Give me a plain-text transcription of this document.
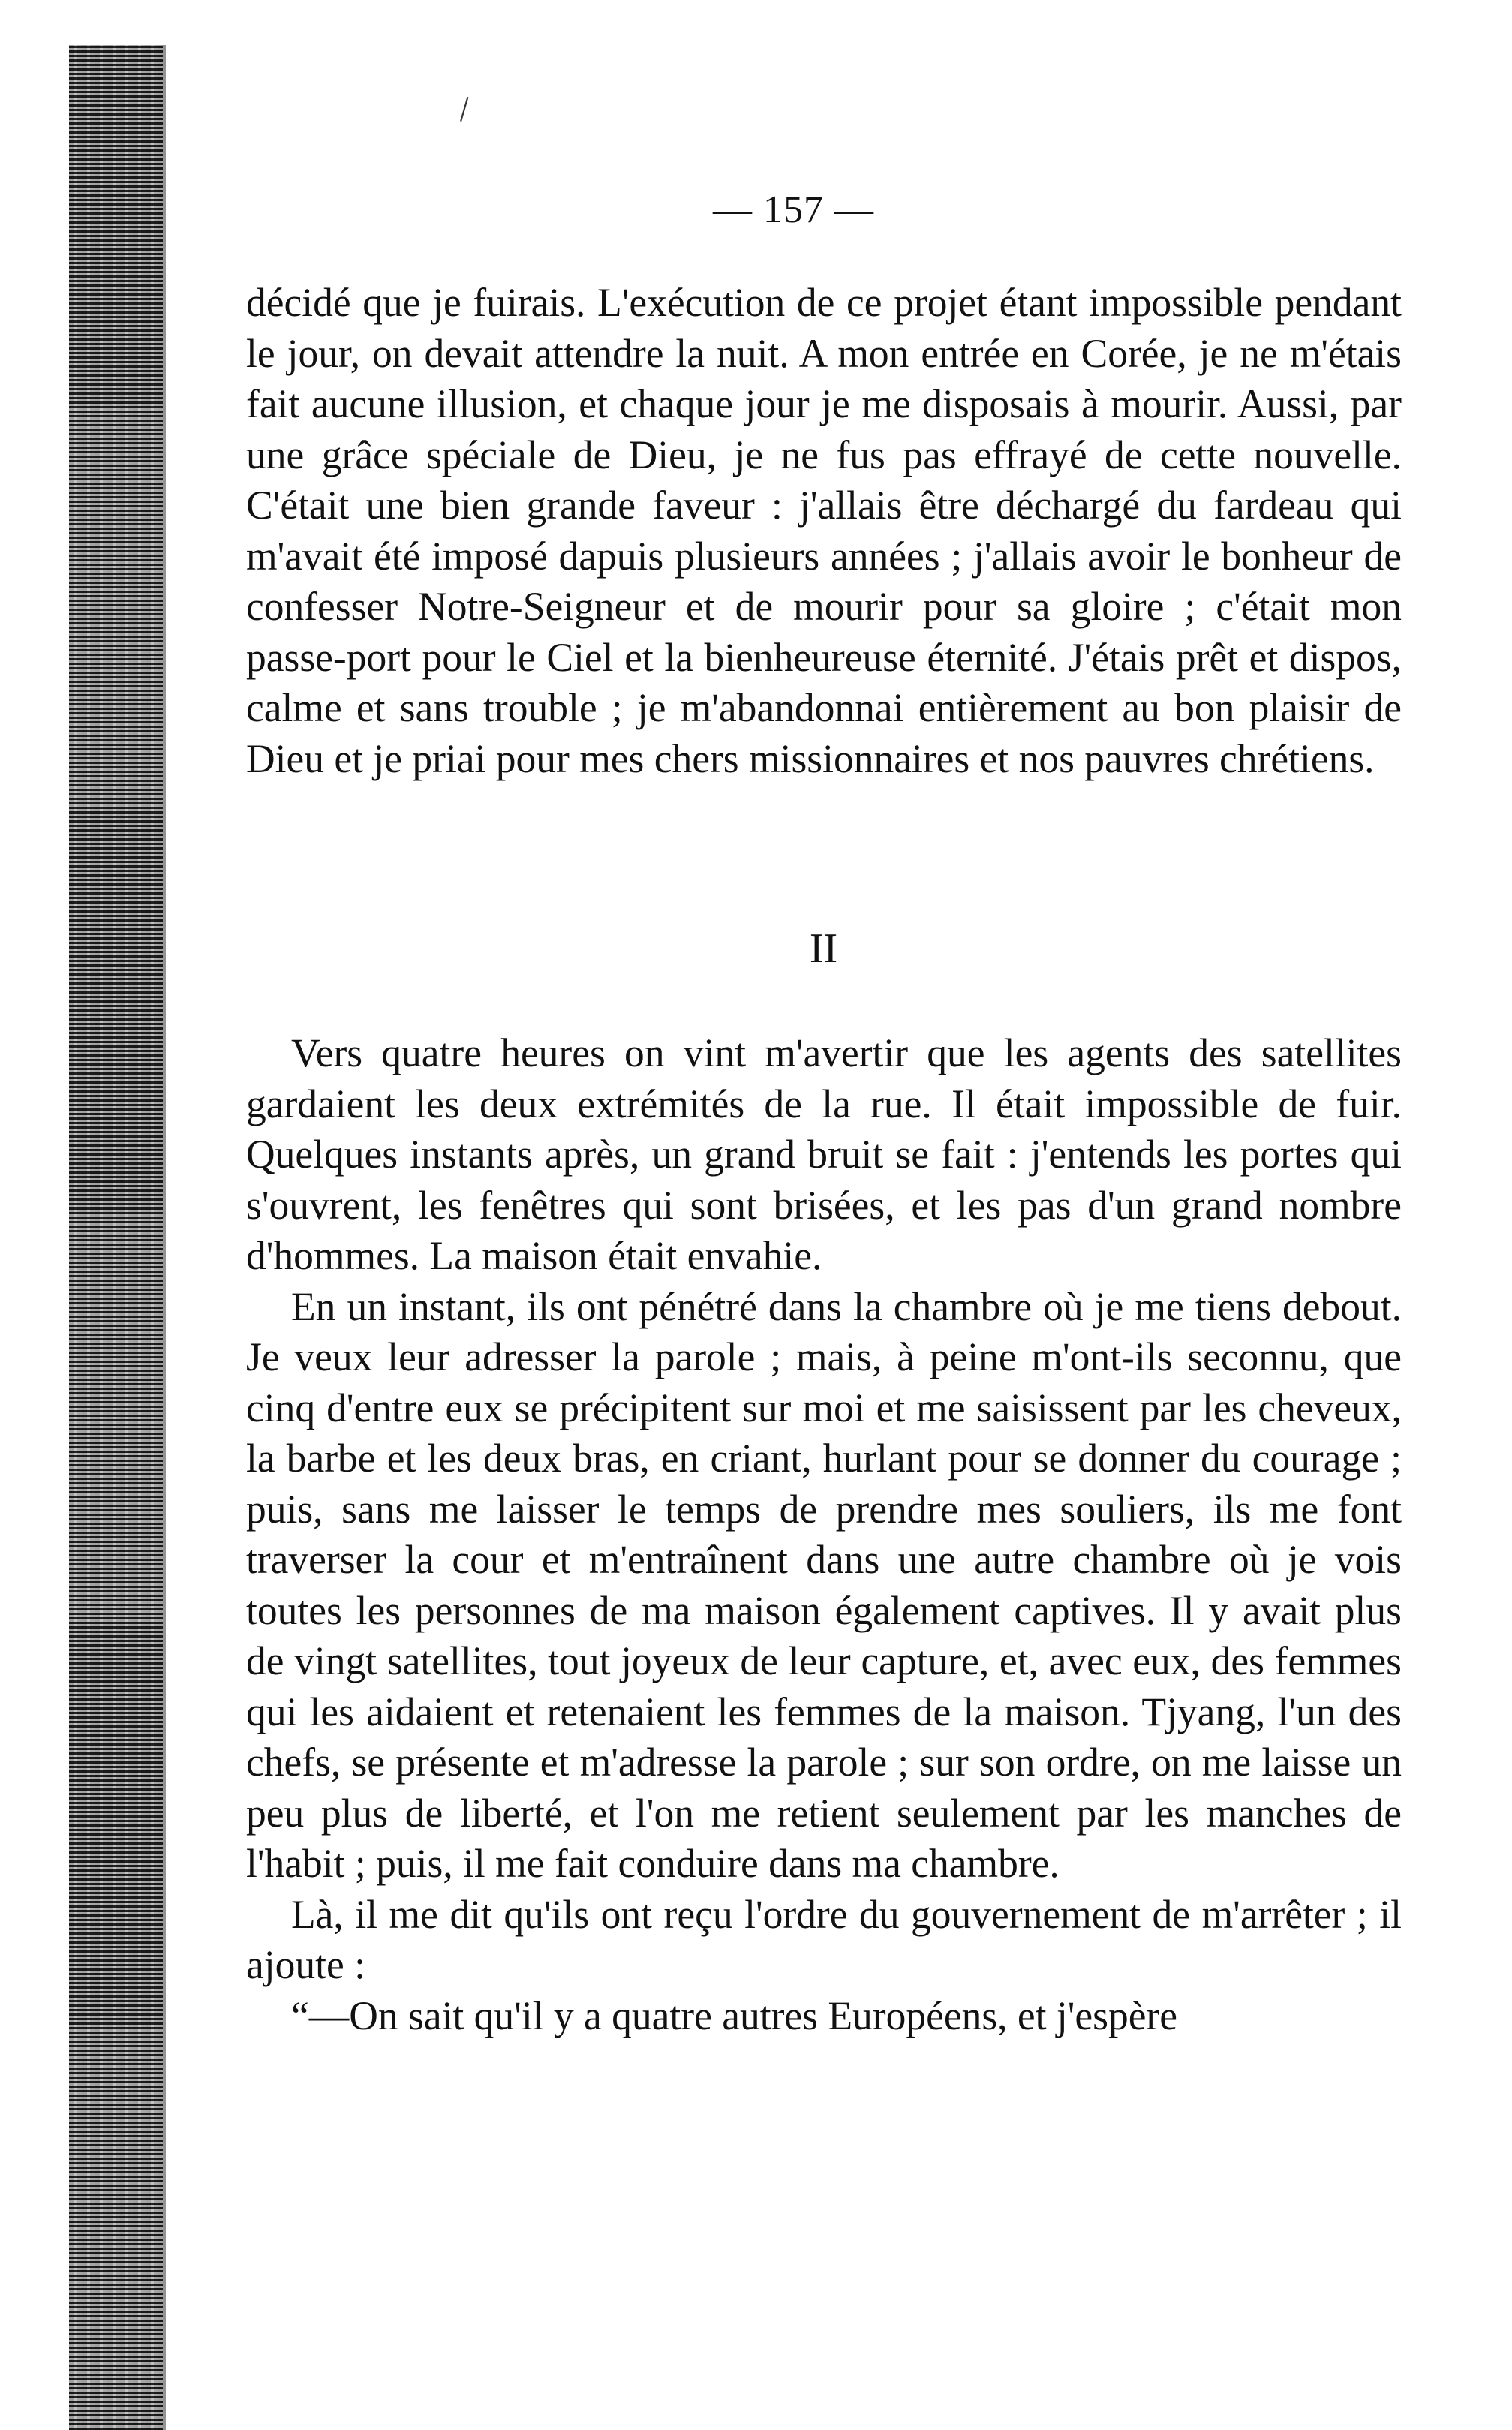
\
— 157 —

décidé que je fuirais. L'exécution de ce projet étant impossible pendant le jour, on devait attendre la nuit. A mon entrée en Corée, je ne m'étais fait aucune illusion, et chaque jour je me disposais à mourir. Aussi, par une grâce spéciale de Dieu, je ne fus pas effrayé de cette nouvelle. C'était une bien grande faveur : j'allais être déchargé du fardeau qui m'avait été imposé dapuis plusieurs années ; j'allais avoir le bonheur de confesser Notre-Seigneur et de mourir pour sa gloire ; c'était mon passe-port pour le Ciel et la bienheureuse éternité. J'étais prêt et dispos, calme et sans trouble ; je m'abandonnai entièrement au bon plaisir de Dieu et je priai pour mes chers missionnaires et nos pauvres chrétiens.

II

Vers quatre heures on vint m'avertir que les agents des satellites gardaient les deux extrémités de la rue. Il était impossible de fuir. Quelques instants après, un grand bruit se fait : j'entends les portes qui s'ouvrent, les fenêtres qui sont brisées, et les pas d'un grand nombre d'hommes. La maison était envahie.

En un instant, ils ont pénétré dans la chambre où je me tiens debout. Je veux leur adresser la parole ; mais, à peine m'ont-ils seconnu, que cinq d'entre eux se précipitent sur moi et me saisissent par les cheveux, la barbe et les deux bras, en criant, hurlant pour se donner du courage ; puis, sans me laisser le temps de prendre mes souliers, ils me font traverser la cour et m'entraînent dans une autre chambre où je vois toutes les personnes de ma maison également captives. Il y avait plus de vingt satellites, tout joyeux de leur capture, et, avec eux, des femmes qui les aidaient et retenaient les femmes de la maison. Tjyang, l'un des chefs, se présente et m'adresse la parole ; sur son ordre, on me laisse un peu plus de liberté, et l'on me retient seulement par les manches de l'habit ; puis, il me fait conduire dans ma chambre.

Là, il me dit qu'ils ont reçu l'ordre du gouvernement de m'arrêter ; il ajoute :

“—On sait qu'il y a quatre autres Européens, et j'espère
